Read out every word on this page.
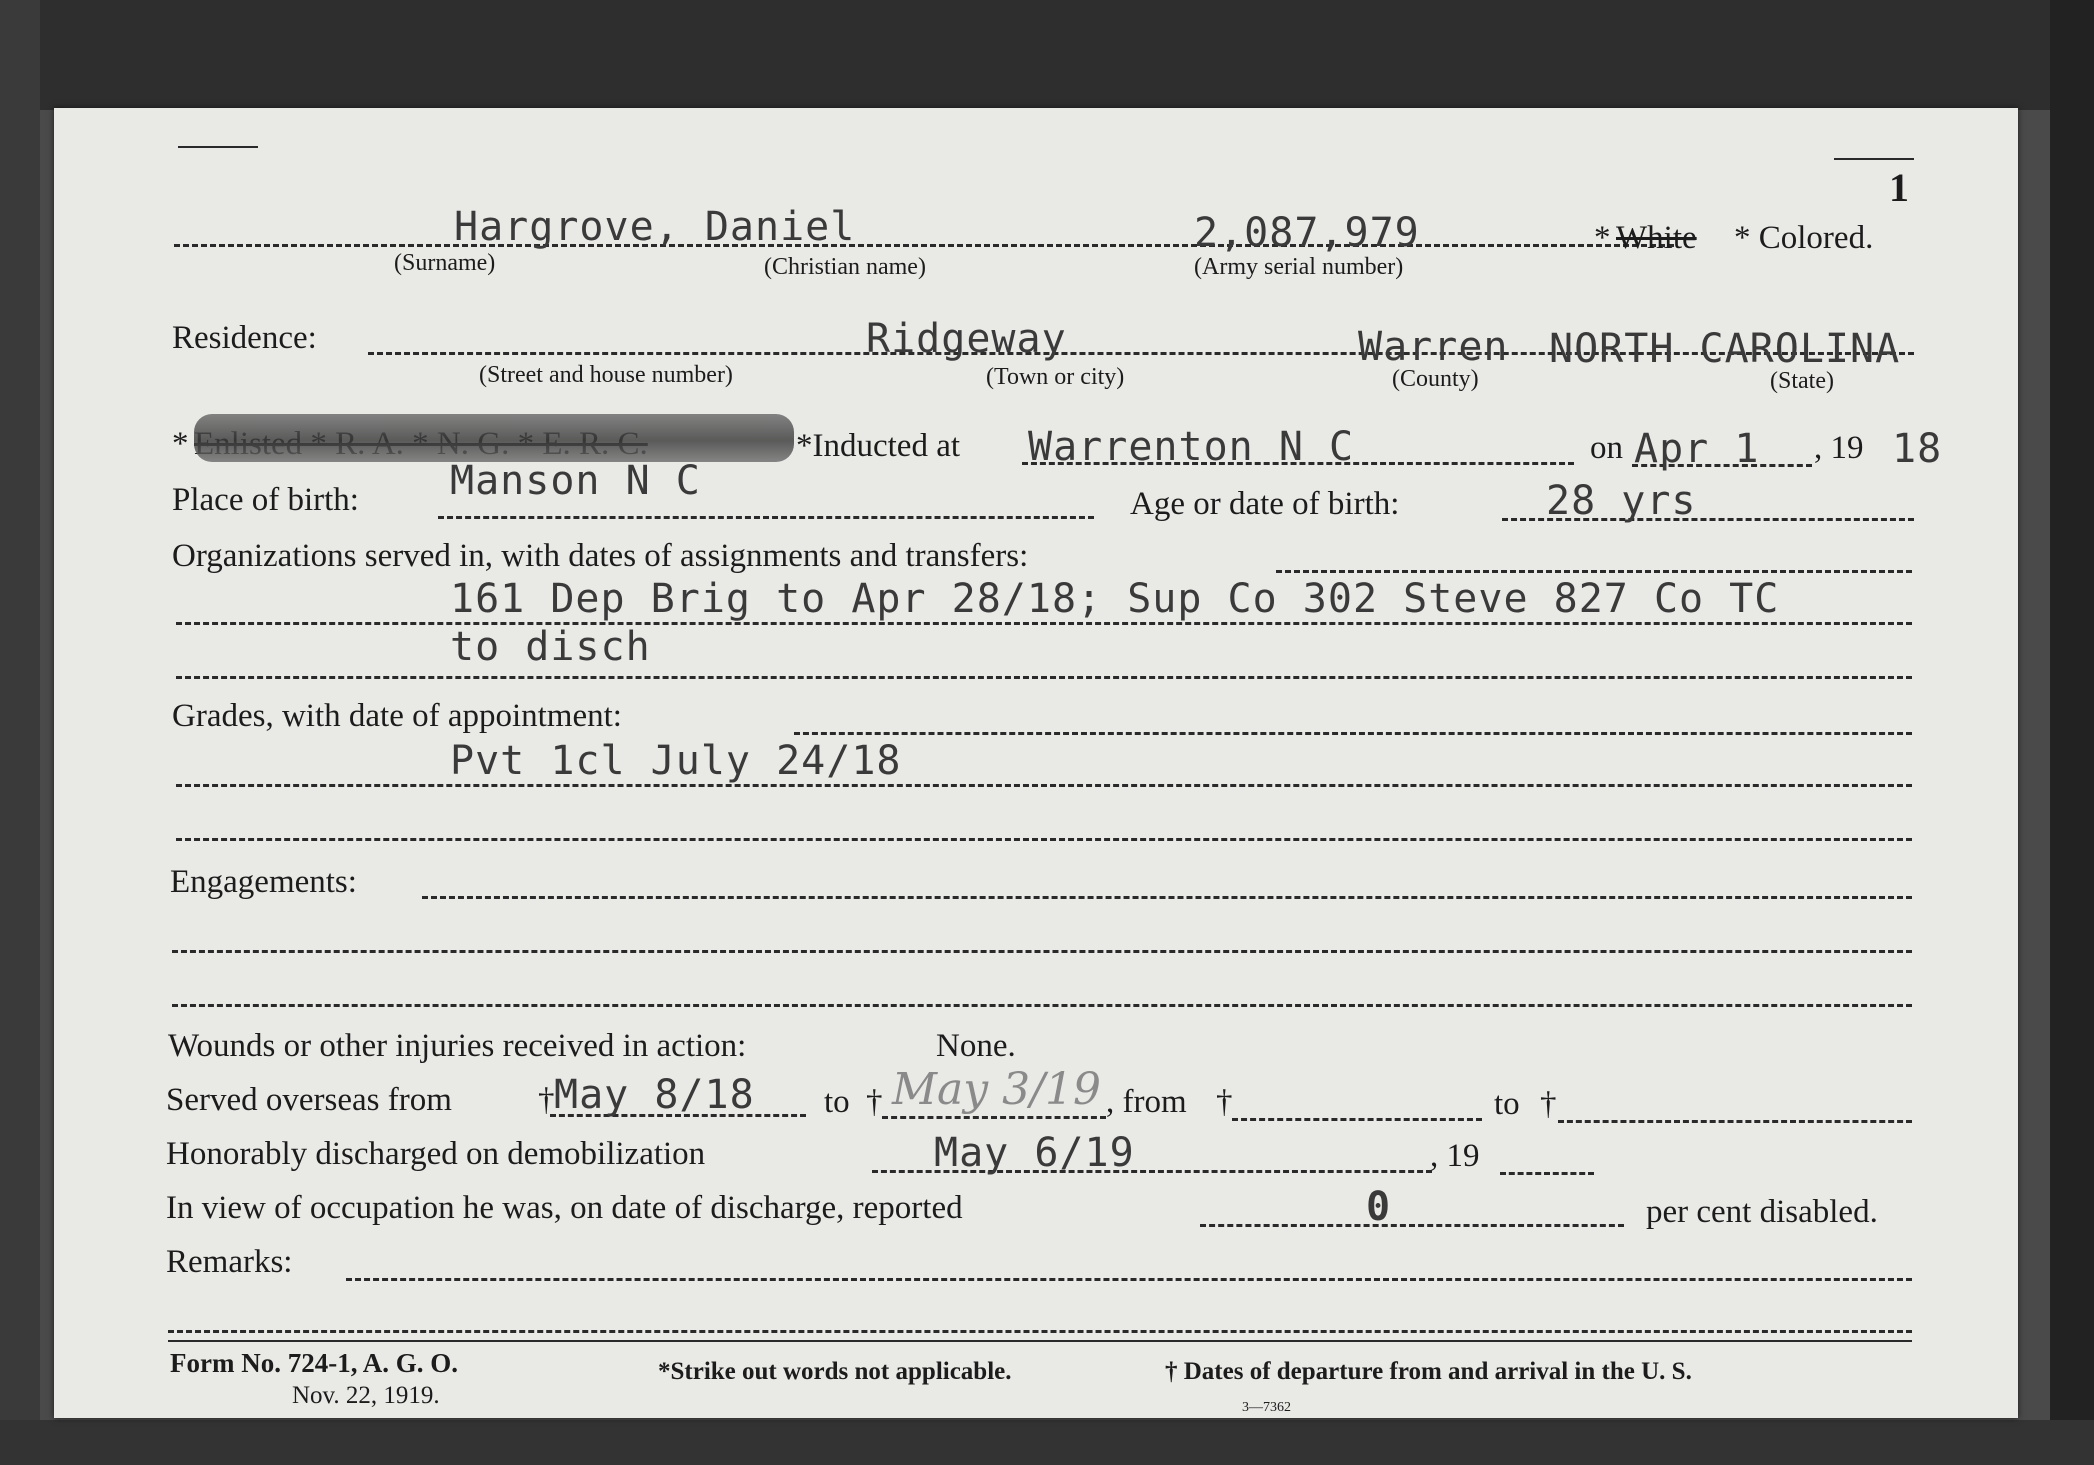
1
Hargrove, Daniel	2,087,979
(Surname)	(Christian name)	(Army serial number)
* White * Colored.
Residence:	Ridgeway	Warren NORTH CAROLINA
(Street and house number)	(Town or city)	(County)	(State)
*	*Inducted at Warrenton N C	on Apr 1 , 19 18
Manson N C
Place of birth:	Age or date of birth:	28 yrs
Organizations served in, with dates of assignments and transfers:
161 Dep Brig to Apr 28/18; Sup Co 302 Steve 827 Co TC
to disch
Grades, with date of appointment:
Pvt 1cl July 24/18
Engagements:
Wounds or other injuries received in action:	None.
Served overseas from	† May 8/18 to † May 3/19 , from †	to †
Honorably discharged on demobilization	May 6/19	, 19
In view of occupation he was, on date of discharge, reported	0	per cent disabled.
Remarks:
Form No. 724-1, A. G. O.
Nov. 22, 1919.
*Strike out words not applicable.	† Dates of departure from and arrival in the U. S.
3—7362
